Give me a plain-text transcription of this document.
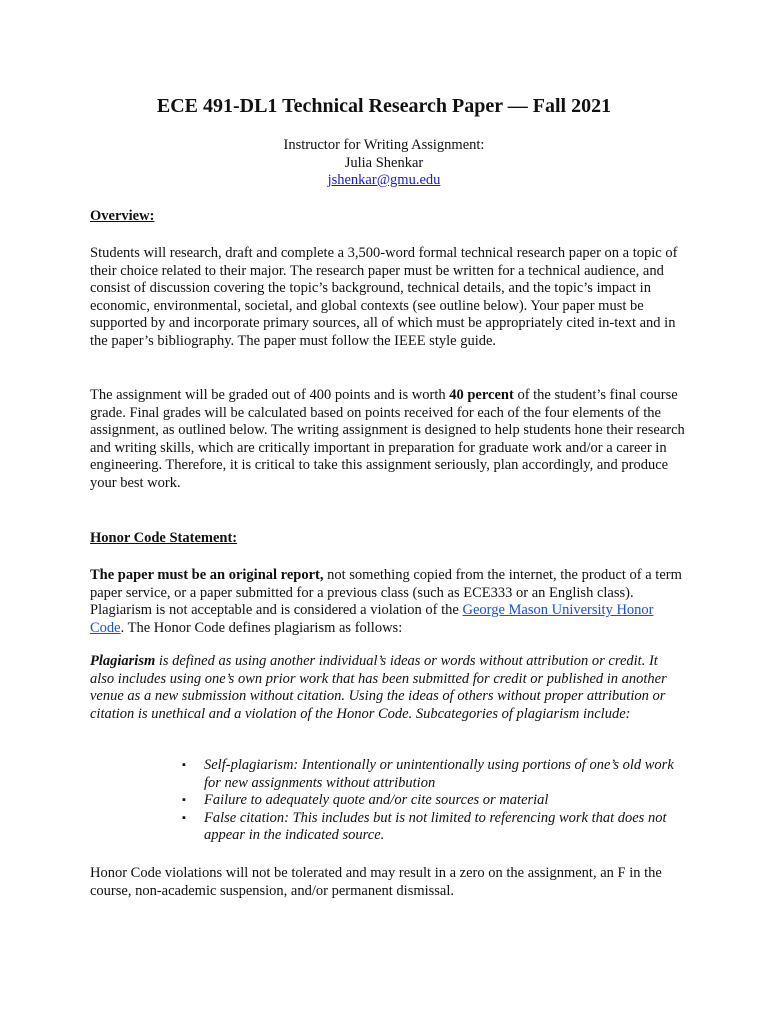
ECE 491-DL1 Technical Research Paper — Fall 2021
Instructor for Writing Assignment:
Julia Shenkar
jshenkar@gmu.edu

Overview:

Students will research, draft and complete a 3,500-word formal technical research paper on a topic of their choice related to their major. The research paper must be written for a technical audience, and consist of discussion covering the topic’s background, technical details, and the topic’s impact in economic, environmental, societal, and global contexts (see outline below). Your paper must be supported by and incorporate primary sources, all of which must be appropriately cited in-text and in the paper’s bibliography. The paper must follow the IEEE style guide.

The assignment will be graded out of 400 points and is worth 40 percent of the student’s final course grade. Final grades will be calculated based on points received for each of the four elements of the assignment, as outlined below. The writing assignment is designed to help students hone their research and writing skills, which are critically important in preparation for graduate work and/or a career in engineering. Therefore, it is critical to take this assignment seriously, plan accordingly, and produce your best work.

Honor Code Statement:

The paper must be an original report, not something copied from the internet, the product of a term paper service, or a paper submitted for a previous class (such as ECE333 or an English class). Plagiarism is not acceptable and is considered a violation of the George Mason University Honor Code. The Honor Code defines plagiarism as follows:

Plagiarism is defined as using another individual’s ideas or words without attribution or credit. It also includes using one’s own prior work that has been submitted for credit or published in another venue as a new submission without citation. Using the ideas of others without proper attribution or citation is unethical and a violation of the Honor Code. Subcategories of plagiarism include:

▪ Self-plagiarism: Intentionally or unintentionally using portions of one’s old work for new assignments without attribution
▪ Failure to adequately quote and/or cite sources or material
▪ False citation: This includes but is not limited to referencing work that does not appear in the indicated source.

Honor Code violations will not be tolerated and may result in a zero on the assignment, an F in the course, non-academic suspension, and/or permanent dismissal.
